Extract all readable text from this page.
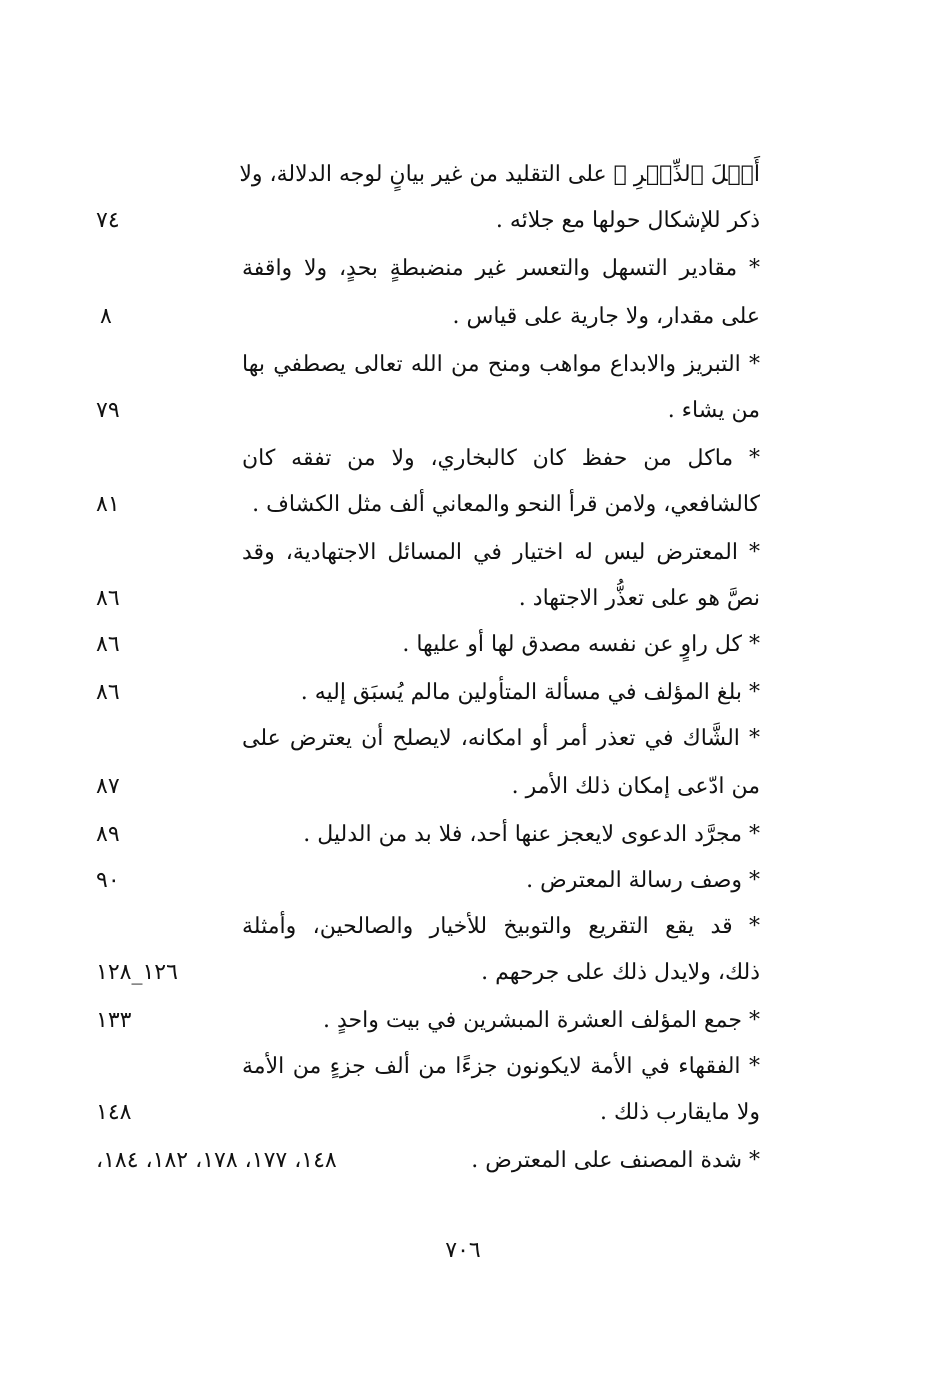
أَهۡلَ ٱلذِّكۡرِ ﴾ على التقليد من غير بيانٍ لوجه الدلالة، ولا
ذكر للإشكال حولها مع جلائه .
* مقادير التسهل والتعسر غير منضبطةٍ بحدٍ، ولا واقفة
على مقدار، ولا جارية على قياس .
* التبريز والابداع مواهب ومنح من الله تعالى يصطفي بها
من يشاء .
* ماكل من حفظ كان كالبخاري، ولا من تفقه كان
كالشافعي، ولامن قرأ النحو والمعاني ألف مثل الكشاف .
* المعترض ليس له اختيار في المسائل الاجتهادية، وقد
نصَّ هو على تعذُّر الاجتهاد .
* كل راوٍ عن نفسه مصدق لها أو عليها .
* بلغ المؤلف في مسألة المتأولين مالم يُسبَق إليه .
* الشَّاك في تعذر أمر أو امكانه، لايصلح أن يعترض على
من ادّعى إمكان ذلك الأمر .
* مجرَّد الدعوى لايعجز عنها أحد، فلا بد من الدليل .
* وصف رسالة المعترض .
* قد يقع التقريع والتوبيخ للأخيار والصالحين، وأمثلة
ذلك، ولايدل ذلك على جرحهم .
* جمع المؤلف العشرة المبشرين في بيت واحدٍ .
* الفقهاء في الأمة لايكونون جزءًا من ألف جزءٍ من الأمة
ولا مايقارب ذلك .
* شدة المصنف على المعترض .
٧٤
٨
٧٩
٨١
٨٦
٨٦
٨٦
٨٧
٨٩
٩٠
١٢٦_١٢٨
١٣٣
١٤٨
١٤٨، ١٧٧، ١٧٨، ١٨٢، ١٨٤،
٧٠٦
